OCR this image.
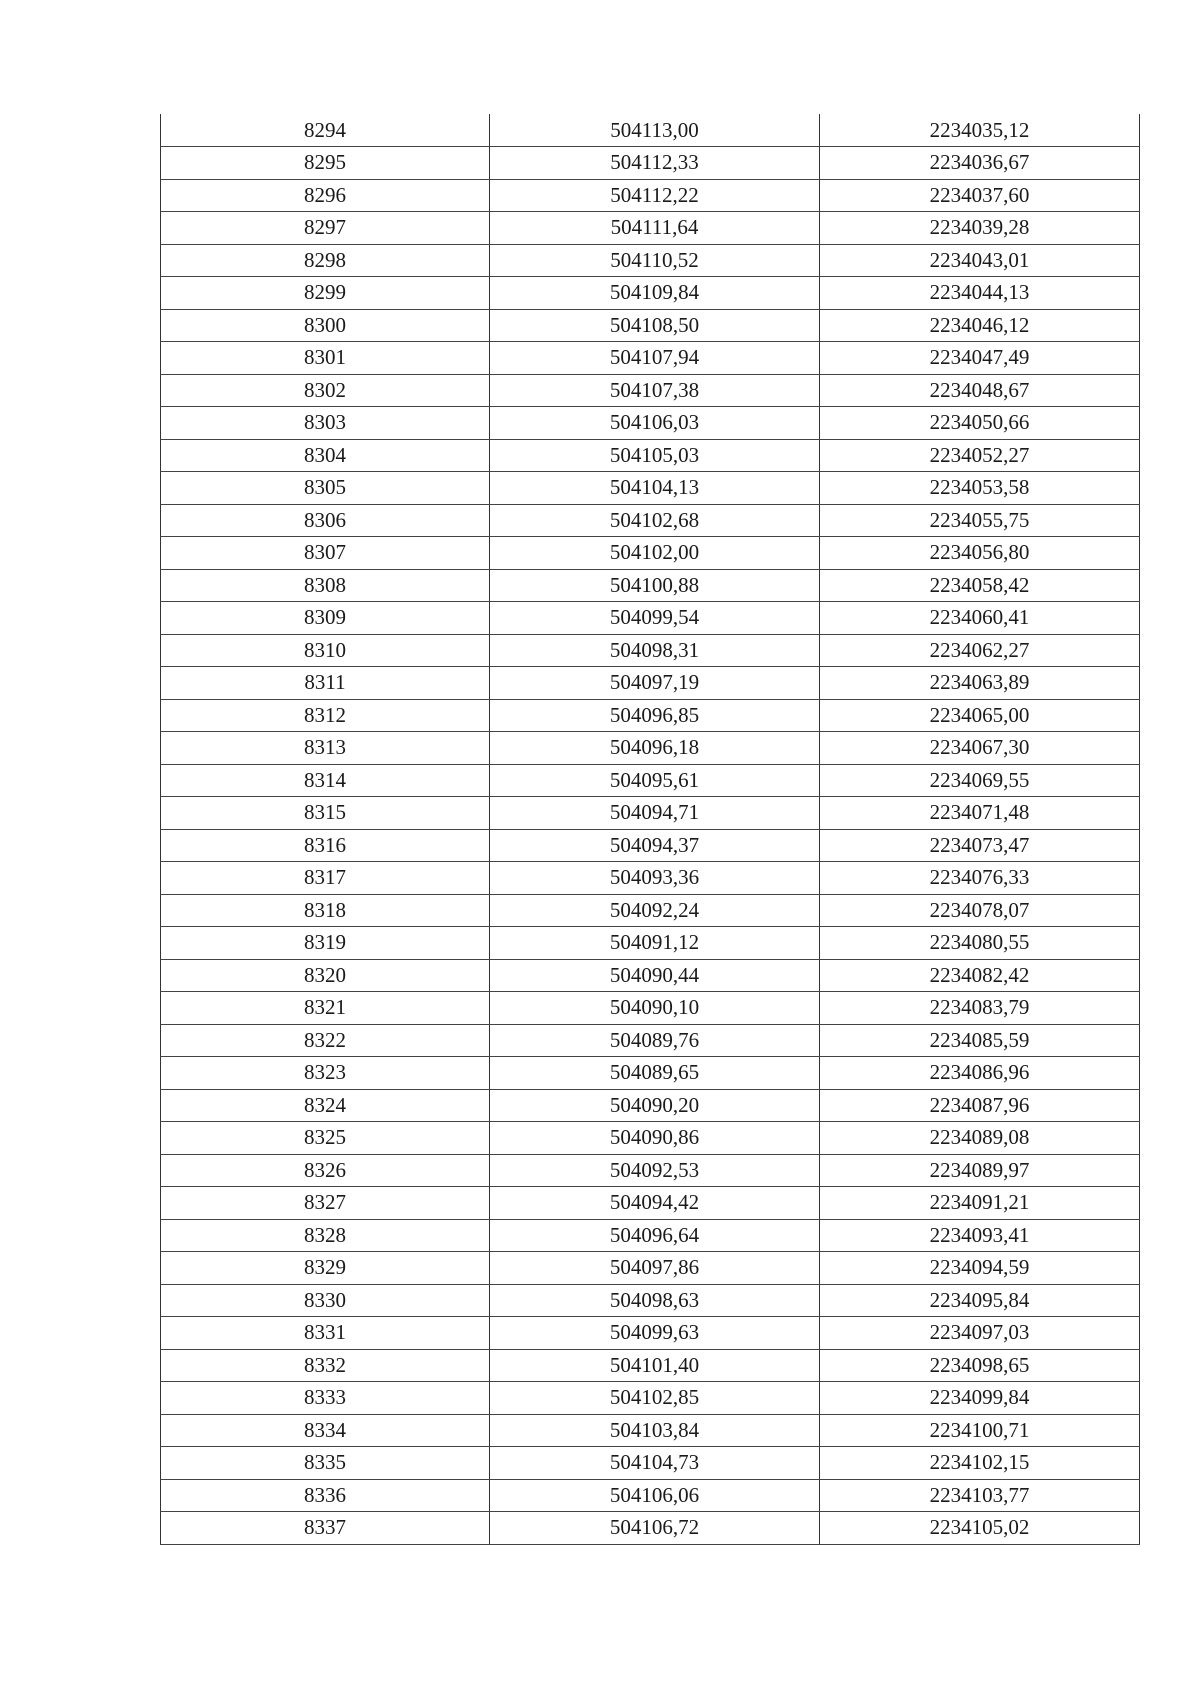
8294	504113,00	2234035,12
8295	504112,33	2234036,67
8296	504112,22	2234037,60
8297	504111,64	2234039,28
8298	504110,52	2234043,01
8299	504109,84	2234044,13
8300	504108,50	2234046,12
8301	504107,94	2234047,49
8302	504107,38	2234048,67
8303	504106,03	2234050,66
8304	504105,03	2234052,27
8305	504104,13	2234053,58
8306	504102,68	2234055,75
8307	504102,00	2234056,80
8308	504100,88	2234058,42
8309	504099,54	2234060,41
8310	504098,31	2234062,27
8311	504097,19	2234063,89
8312	504096,85	2234065,00
8313	504096,18	2234067,30
8314	504095,61	2234069,55
8315	504094,71	2234071,48
8316	504094,37	2234073,47
8317	504093,36	2234076,33
8318	504092,24	2234078,07
8319	504091,12	2234080,55
8320	504090,44	2234082,42
8321	504090,10	2234083,79
8322	504089,76	2234085,59
8323	504089,65	2234086,96
8324	504090,20	2234087,96
8325	504090,86	2234089,08
8326	504092,53	2234089,97
8327	504094,42	2234091,21
8328	504096,64	2234093,41
8329	504097,86	2234094,59
8330	504098,63	2234095,84
8331	504099,63	2234097,03
8332	504101,40	2234098,65
8333	504102,85	2234099,84
8334	504103,84	2234100,71
8335	504104,73	2234102,15
8336	504106,06	2234103,77
8337	504106,72	2234105,02
